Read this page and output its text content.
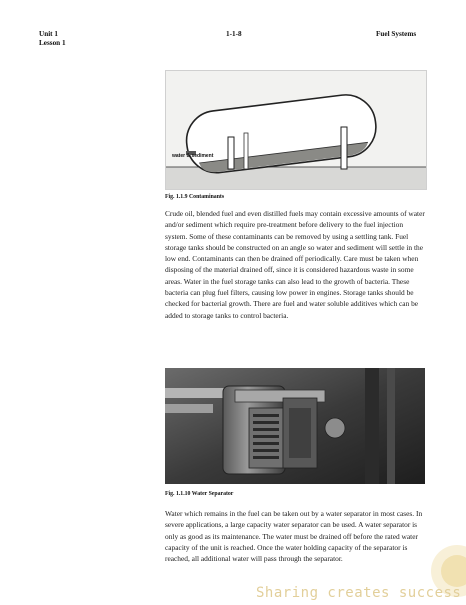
Unit 1
Lesson 1
1-1-8	Fuel Systems
water & sediment
Fig. 1.1.9 Contaminants

Crude oil, blended fuel and even distilled fuels may contain excessive amounts of water and/or sediment which require pre-treatment before delivery to the fuel injection system. Some of these contaminants can be removed by using a settling tank. Fuel storage tanks should be constructed on an angle so water and sediment will settle in the low end. Contaminants can then be drained off periodically. Care must be taken when disposing of the material drained off, since it is considered hazardous waste in some areas. Water in the fuel storage tanks can also lead to the growth of bacteria. These bacteria can plug fuel filters, causing low power in engines. Storage tanks should be checked for bacterial growth. There are fuel and water soluble additives which can be added to storage tanks to control bacteria.

Fig. 1.1.10 Water Separator

Water which remains in the fuel can be taken out by a water separator in most cases. In severe applications, a large capacity water separator can be used. A water separator is only as good as its maintenance. The water must be drained off before the rated water capacity of the unit is reached. Once the water holding capacity of the separator is reached, all additional water will pass through the separator.

Sharing creates success
